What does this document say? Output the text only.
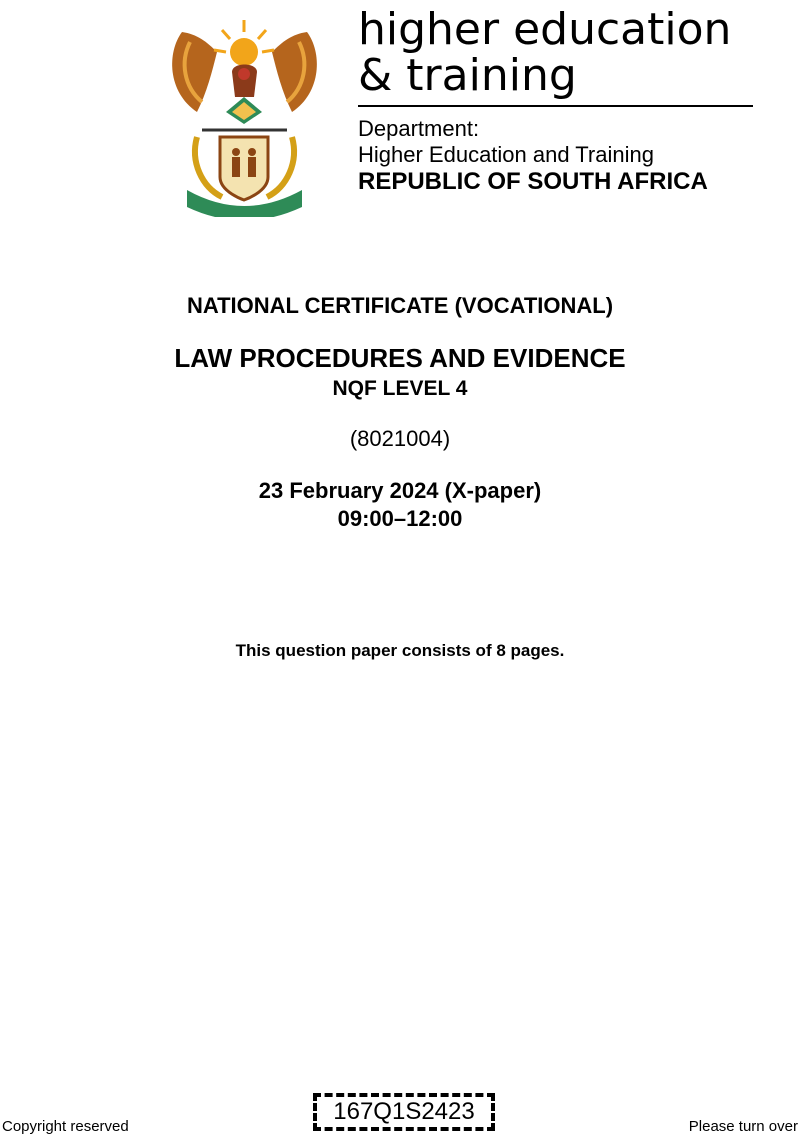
higher education
& training
Department:
Higher Education and Training
REPUBLIC OF SOUTH AFRICA
NATIONAL CERTIFICATE (VOCATIONAL)
LAW PROCEDURES AND EVIDENCE
NQF LEVEL 4
(8021004)
23 February 2024 (X-paper)
09:00–12:00
This question paper consists of 8 pages.
Copyright reserved
167Q1S2423
Please turn over
